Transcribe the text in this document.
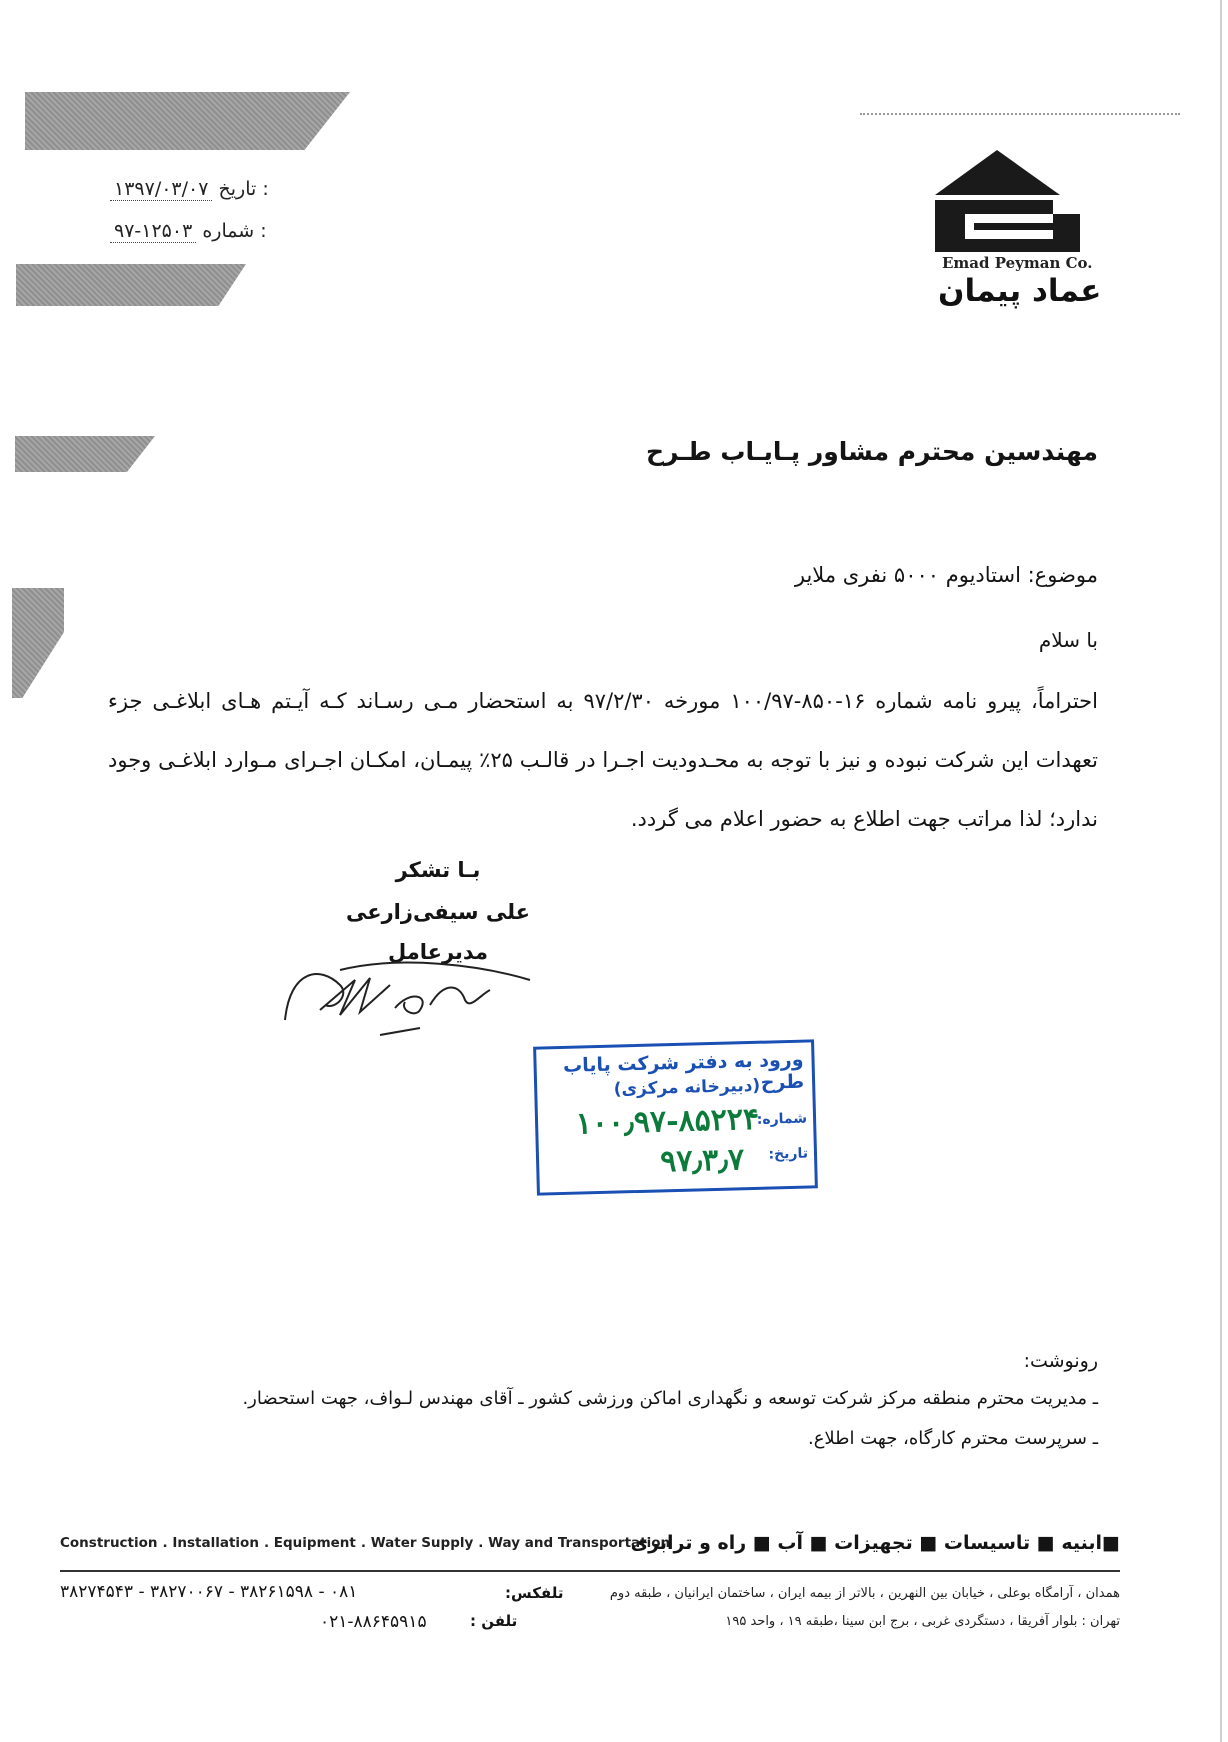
: تاریخ ۱۳۹۷/۰۳/۰۷
: شماره ۹۷-۱۲۵۰۳
Emad Peyman Co.
عماد پیمان
مهندسین محترم مشاور پـایـاب طـرح
موضوع: استادیوم ۵۰۰۰ نفری ملایر
با سلام
احتراماً، پیرو نامه شماره ۱۶-۸۵۰-۱۰۰/۹۷ مورخه ۹۷/۲/۳۰ به استحضار مـی رسـاند کـه آیـتم هـای ابلاغـی جزء تعهدات این شرکت نبوده و نیز با توجه به محـدودیت اجـرا در قالـب ۲۵٪ پیمـان، امکـان اجـرای مـوارد ابلاغـی وجود ندارد؛ لذا مراتب جهت اطلاع به حضور اعلام می گردد.
بـا تشکر
علی سیفی‌زارعی
مدیرعامل
ورود به دفتر شرکت پایاب طرح
(دبیرخانه مرکزی)
شماره:
۱۰۰٫۹۷-۸۵۲۲۴
تاریخ:
۹۷٫۳٫۷
رونوشت:
ـ مدیریت محترم منطقه مرکز شرکت توسعه و نگهداری اماکن ورزشی کشور ـ آقای مهندس لـواف، جهت استحضار.
ـ سرپرست محترم کارگاه، جهت اطلاع.
Construction . Installation . Equipment . Water Supply . Way and Transportation
■ابنیه ■ تاسیسات ■ تجهیزات ■ آب ■ راه و ترابری
همدان ، آرامگاه بوعلی ، خیابان بین النهرین ، بالاتر از بیمه ایران ، ساختمان ایرانیان ، طبقه دوم
تلفکس:
۰۸۱ - ۳۸۲۶۱۵۹۸ - ۳۸۲۷۰۰۶۷ - ۳۸۲۷۴۵۴۳
تهران : بلوار آفریقا ، دستگردی غربی ، برج ابن سینا ،طبقه ۱۹ ، واحد ۱۹۵
تلفن :
۰۲۱-۸۸۶۴۵۹۱۵
